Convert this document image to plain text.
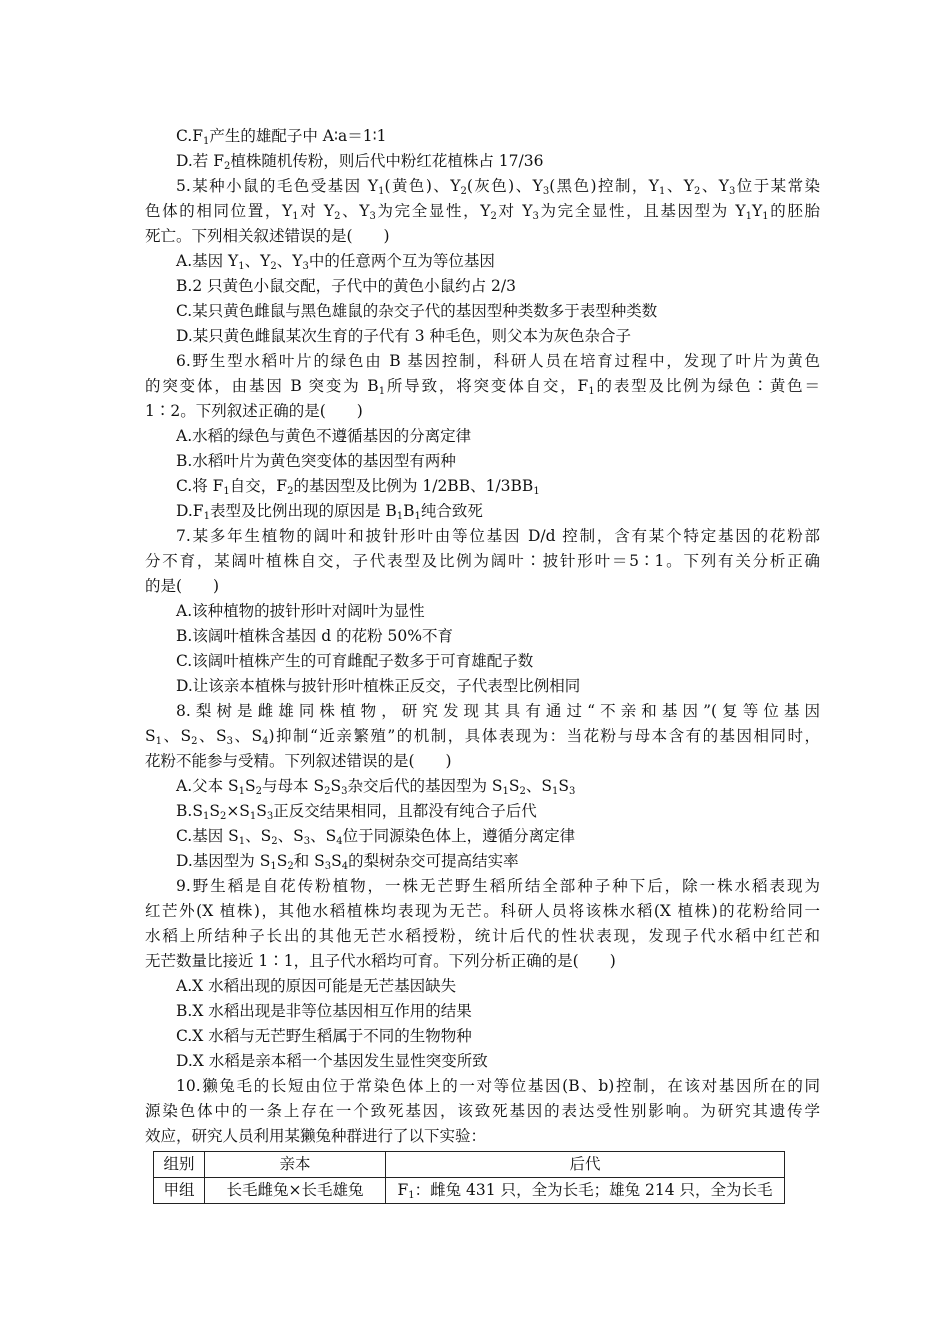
$C.F_1$产生的雄配子中 A∶a＝1∶1
D.若 $F_2$植株随机传粉，则后代中粉红花植株占 17/36
5.某种小鼠的毛色受基因 $Y_1$(黄色)、$Y_2$(灰色)、$Y_3$(黑色)控制，$Y_1$、$Y_2$、$Y_3$位于某常染
色体的相同位置，$Y_1$对 $Y_2$、$Y_3$为完全显性，$Y_2$对 $Y_3$为完全显性，且基因型为 $Y_1Y_1$的胚胎
死亡。下列相关叙述错误的是(　　)
A.基因 $Y_1$、$Y_2$、$Y_3$中的任意两个互为等位基因
B.2 只黄色小鼠交配，子代中的黄色小鼠约占 2/3
C.某只黄色雌鼠与黑色雄鼠的杂交子代的基因型种类数多于表型种类数
D.某只黄色雌鼠某次生育的子代有 3 种毛色，则父本为灰色杂合子
6.野生型水稻叶片的绿色由 B 基因控制，科研人员在培育过程中，发现了叶片为黄色
的突变体，由基因 B 突变为 $B_1$所导致，将突变体自交，$F_1$的表型及比例为绿色∶黄色＝
1∶2。下列叙述正确的是(　　)
A.水稻的绿色与黄色不遵循基因的分离定律
B.水稻叶片为黄色突变体的基因型有两种
C.将 $F_1$自交，$F_2$的基因型及比例为 1/2BB、$1/3BB_1$
$D.F_1$表型及比例出现的原因是 $B_1B_1$纯合致死
7.某多年生植物的阔叶和披针形叶由等位基因 D/d 控制，含有某个特定基因的花粉部
分不育，某阔叶植株自交，子代表型及比例为阔叶∶披针形叶＝5∶1。下列有关分析正确
的是(　　)
A.该种植物的披针形叶对阔叶为显性
B.该阔叶植株含基因 d 的花粉 50%不育
C.该阔叶植株产生的可育雌配子数多于可育雄配子数
D.让该亲本植株与披针形叶植株正反交，子代表型比例相同
8.梨树是雌雄同株植物，研究发现其具有通过“不亲和基因”(复等位基因
$S_1$、$S_2$、$S_3$、$S_4$)抑制“近亲繁殖”的机制，具体表现为：当花粉与母本含有的基因相同时，
花粉不能参与受精。下列叙述错误的是(　　)
A.父本 $S_1S_2$与母本 $S_2S_3$杂交后代的基因型为 $S_1S_2$、$S_1S_3$
$B.S_1S_2\times S_1S_3$正反交结果相同，且都没有纯合子后代
C.基因 $S_1$、$S_2$、$S_3$、$S_4$位于同源染色体上，遵循分离定律
D.基因型为 $S_1S_2$和 $S_3S_4$的梨树杂交可提高结实率
9.野生稻是自花传粉植物，一株无芒野生稻所结全部种子种下后，除一株水稻表现为
红芒外(X 植株)，其他水稻植株均表现为无芒。科研人员将该株水稻(X 植株)的花粉给同一
水稻上所结种子长出的其他无芒水稻授粉，统计后代的性状表现，发现子代水稻中红芒和
无芒数量比接近 1∶1，且子代水稻均可育。下列分析正确的是(　　)
A.X 水稻出现的原因可能是无芒基因缺失
B.X 水稻出现是非等位基因相互作用的结果
C.X 水稻与无芒野生稻属于不同的生物物种
D.X 水稻是亲本稻一个基因发生显性突变所致
10.獭兔毛的长短由位于常染色体上的一对等位基因(B、b)控制，在该对基因所在的同
源染色体中的一条上存在一个致死基因，该致死基因的表达受性别影响。为研究其遗传学
效应，研究人员利用某獭兔种群进行了以下实验：
组别	亲本	后代
甲组	长毛雌兔×长毛雄兔	$F_1$：雌兔 431 只，全为长毛；雄兔 214 只，全为长毛
